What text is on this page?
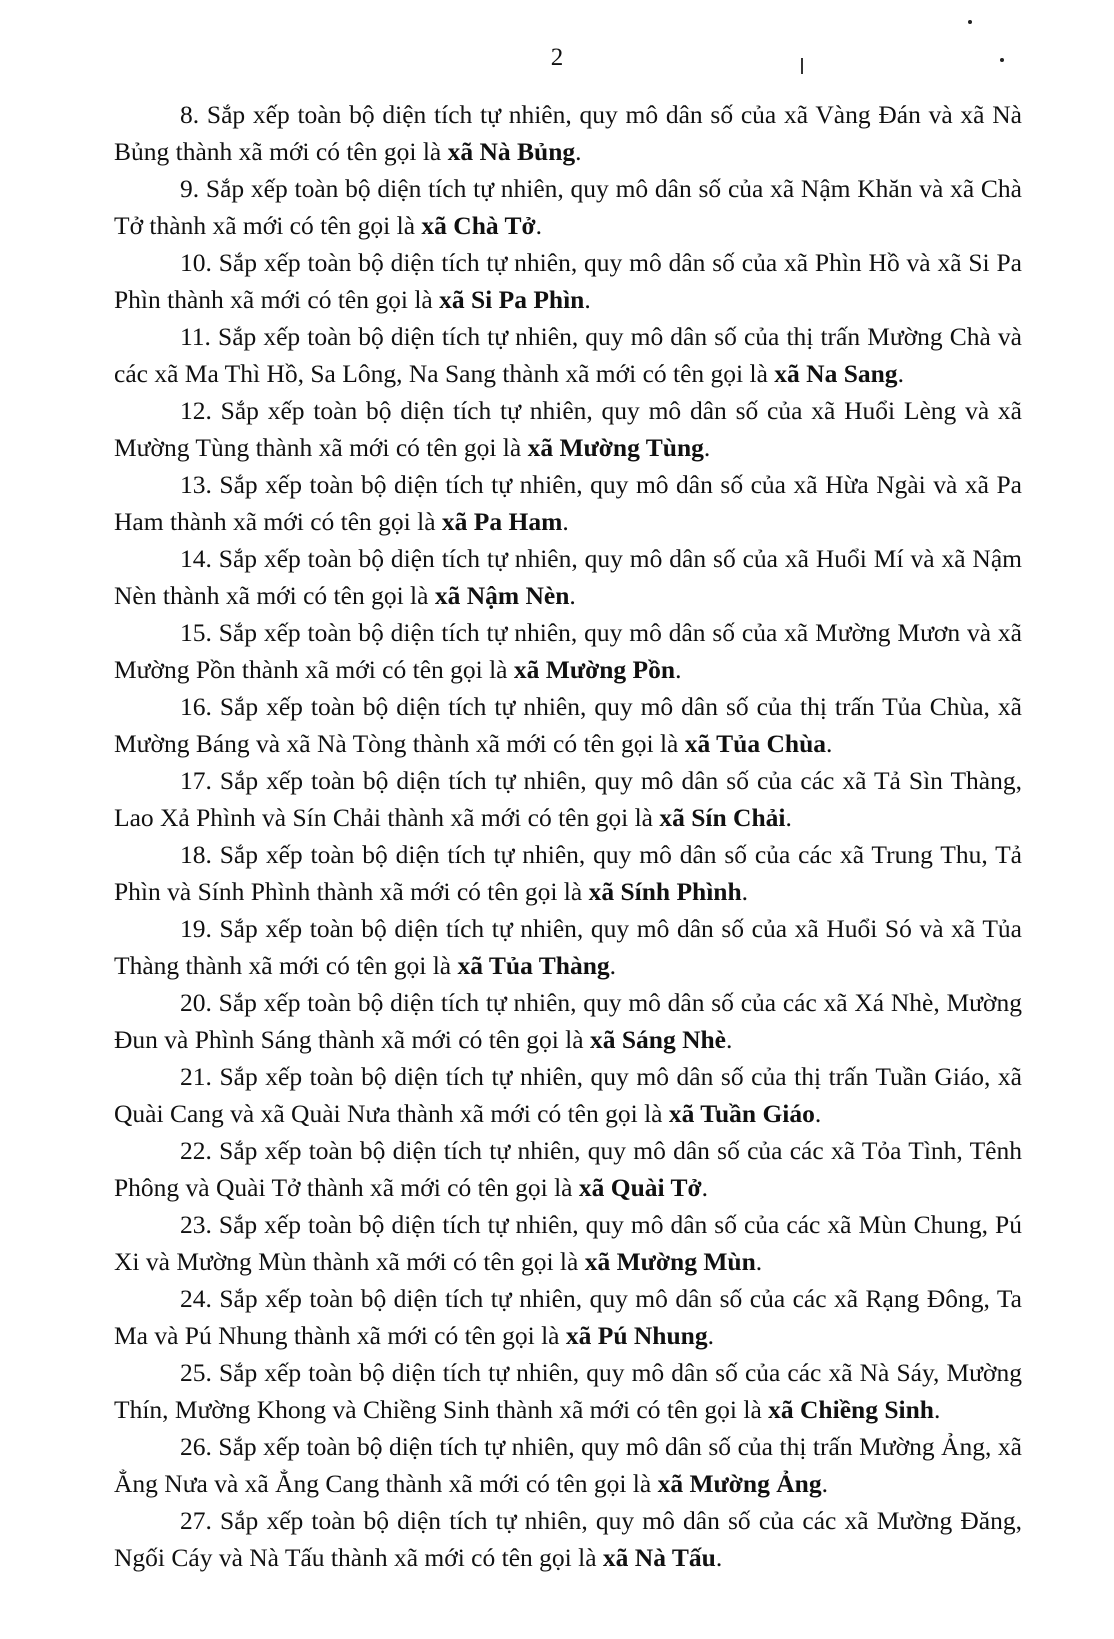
2

8. Sắp xếp toàn bộ diện tích tự nhiên, quy mô dân số của xã Vàng Đán và xã Nà Bủng thành xã mới có tên gọi là xã Nà Bủng.

9. Sắp xếp toàn bộ diện tích tự nhiên, quy mô dân số của xã Nậm Khăn và xã Chà Tở thành xã mới có tên gọi là xã Chà Tở.

10. Sắp xếp toàn bộ diện tích tự nhiên, quy mô dân số của xã Phìn Hồ và xã Si Pa Phìn thành xã mới có tên gọi là xã Si Pa Phìn.

11. Sắp xếp toàn bộ diện tích tự nhiên, quy mô dân số của thị trấn Mường Chà và các xã Ma Thì Hồ, Sa Lông, Na Sang thành xã mới có tên gọi là xã Na Sang.

12. Sắp xếp toàn bộ diện tích tự nhiên, quy mô dân số của xã Huổi Lèng và xã Mường Tùng thành xã mới có tên gọi là xã Mường Tùng.

13. Sắp xếp toàn bộ diện tích tự nhiên, quy mô dân số của xã Hừa Ngài và xã Pa Ham thành xã mới có tên gọi là xã Pa Ham.

14. Sắp xếp toàn bộ diện tích tự nhiên, quy mô dân số của xã Huổi Mí và xã Nậm Nèn thành xã mới có tên gọi là xã Nậm Nèn.

15. Sắp xếp toàn bộ diện tích tự nhiên, quy mô dân số của xã Mường Mươn và xã Mường Pồn thành xã mới có tên gọi là xã Mường Pồn.

16. Sắp xếp toàn bộ diện tích tự nhiên, quy mô dân số của thị trấn Tủa Chùa, xã Mường Báng và xã Nà Tòng thành xã mới có tên gọi là xã Tủa Chùa.

17. Sắp xếp toàn bộ diện tích tự nhiên, quy mô dân số của các xã Tả Sìn Thàng, Lao Xả Phình và Sín Chải thành xã mới có tên gọi là xã Sín Chải.

18. Sắp xếp toàn bộ diện tích tự nhiên, quy mô dân số của các xã Trung Thu, Tả Phìn và Sính Phình thành xã mới có tên gọi là xã Sính Phình.

19. Sắp xếp toàn bộ diện tích tự nhiên, quy mô dân số của xã Huổi Só và xã Tủa Thàng thành xã mới có tên gọi là xã Tủa Thàng.

20. Sắp xếp toàn bộ diện tích tự nhiên, quy mô dân số của các xã Xá Nhè, Mường Đun và Phình Sáng thành xã mới có tên gọi là xã Sáng Nhè.

21. Sắp xếp toàn bộ diện tích tự nhiên, quy mô dân số của thị trấn Tuần Giáo, xã Quài Cang và xã Quài Nưa thành xã mới có tên gọi là xã Tuần Giáo.

22. Sắp xếp toàn bộ diện tích tự nhiên, quy mô dân số của các xã Tỏa Tình, Tênh Phông và Quài Tở thành xã mới có tên gọi là xã Quài Tở.

23. Sắp xếp toàn bộ diện tích tự nhiên, quy mô dân số của các xã Mùn Chung, Pú Xi và Mường Mùn thành xã mới có tên gọi là xã Mường Mùn.

24. Sắp xếp toàn bộ diện tích tự nhiên, quy mô dân số của các xã Rạng Đông, Ta Ma và Pú Nhung thành xã mới có tên gọi là xã Pú Nhung.

25. Sắp xếp toàn bộ diện tích tự nhiên, quy mô dân số của các xã Nà Sáy, Mường Thín, Mường Khong và Chiềng Sinh thành xã mới có tên gọi là xã Chiềng Sinh.

26. Sắp xếp toàn bộ diện tích tự nhiên, quy mô dân số của thị trấn Mường Ảng, xã Ẳng Nưa và xã Ẳng Cang thành xã mới có tên gọi là xã Mường Ảng.

27. Sắp xếp toàn bộ diện tích tự nhiên, quy mô dân số của các xã Mường Đăng, Ngối Cáy và Nà Tấu thành xã mới có tên gọi là xã Nà Tấu.
